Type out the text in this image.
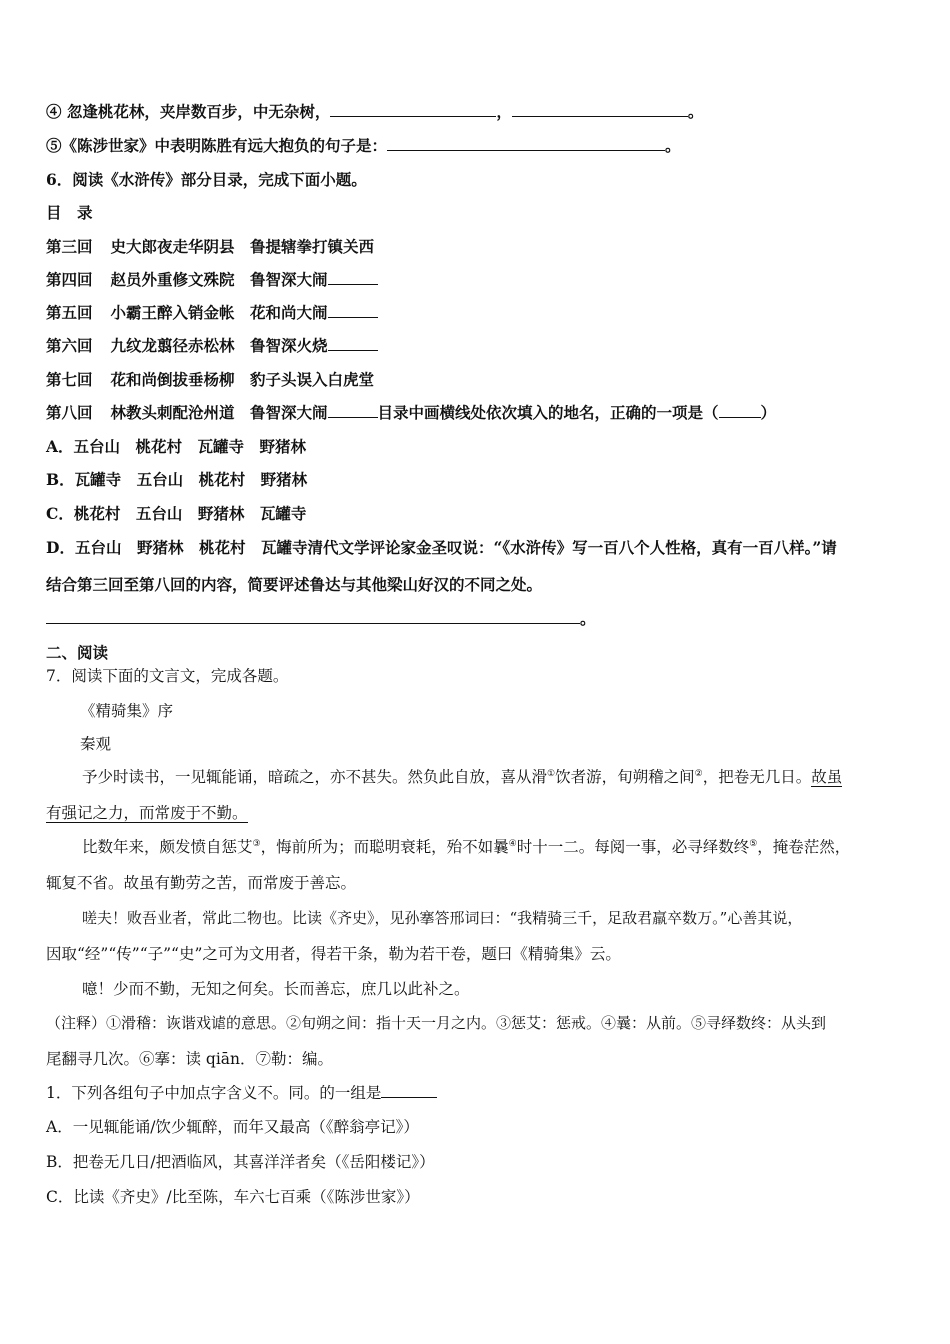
④ 忽逢桃花林，夹岸数百步，中无杂树，	，	。
⑤《陈涉世家》中表明陈胜有远大抱负的句子是：	。
6．阅读《水浒传》部分目录，完成下面小题。
目　录
第三回 史大郎夜走华阴县　鲁提辖拳打镇关西
第四回 赵员外重修文殊院　鲁智深大闹
第五回 小霸王醉入销金帐　花和尚大闹
第六回 九纹龙翦径赤松林　鲁智深火烧
第七回 花和尚倒拔垂杨柳　豹子头误入白虎堂
第八回 林教头刺配沧州道　鲁智深大闹	目录中画横线处依次填入的地名，正确的一项是（	）
A．五台山　桃花村　瓦罐寺　野猪林
B．瓦罐寺　五台山　桃花村　野猪林
C．桃花村　五台山　野猪林　瓦罐寺
D．五台山　野猪林　桃花村　瓦罐寺清代文学评论家金圣叹说：“《水浒传》写一百八个人性格，真有一百八样。”请
结合第三回至第八回的内容，简要评述鲁达与其他梁山好汉的不同之处。
。
二、阅读
7．阅读下面的文言文，完成各题。
《精骑集》序
秦观
予少时读书，一见辄能诵，暗疏之，亦不甚失。然负此自放，喜从滑①饮者游，旬朔稽之间②，把卷无几日。故虽
有强记之力，而常废于不勤。
比数年来，颇发愤自惩艾③，悔前所为；而聪明衰耗，殆不如曩④时十一二。每阅一事，必寻绎数终⑤，掩卷茫然，
辄复不省。故虽有勤劳之苦，而常废于善忘。
嗟夫！败吾业者，常此二物也。比读《齐史》，见孙搴答邢词曰：“我精骑三千，足敌君羸卒数万。”心善其说，
因取“经”“传”“子”“史”之可为文用者，得若干条，勒为若干卷，题曰《精骑集》云。
噫！少而不勤，无知之何矣。长而善忘，庶几以此补之。
（注释）①滑稽：诙谐戏谑的意思。②旬朔之间：指十天一月之内。③惩艾：惩戒。④曩：从前。⑤寻绎数终：从头到
尾翻寻几次。⑥搴：读 qiān．⑦勒：编。
1．下列各组句子中加点字含义不。同。的一组是
A．一见辄能诵/饮少辄醉，而年又最高（《醉翁亭记》）
B．把卷无几日/把酒临风，其喜洋洋者矣（《岳阳楼记》）
C．比读《齐史》/比至陈，车六七百乘（《陈涉世家》）
